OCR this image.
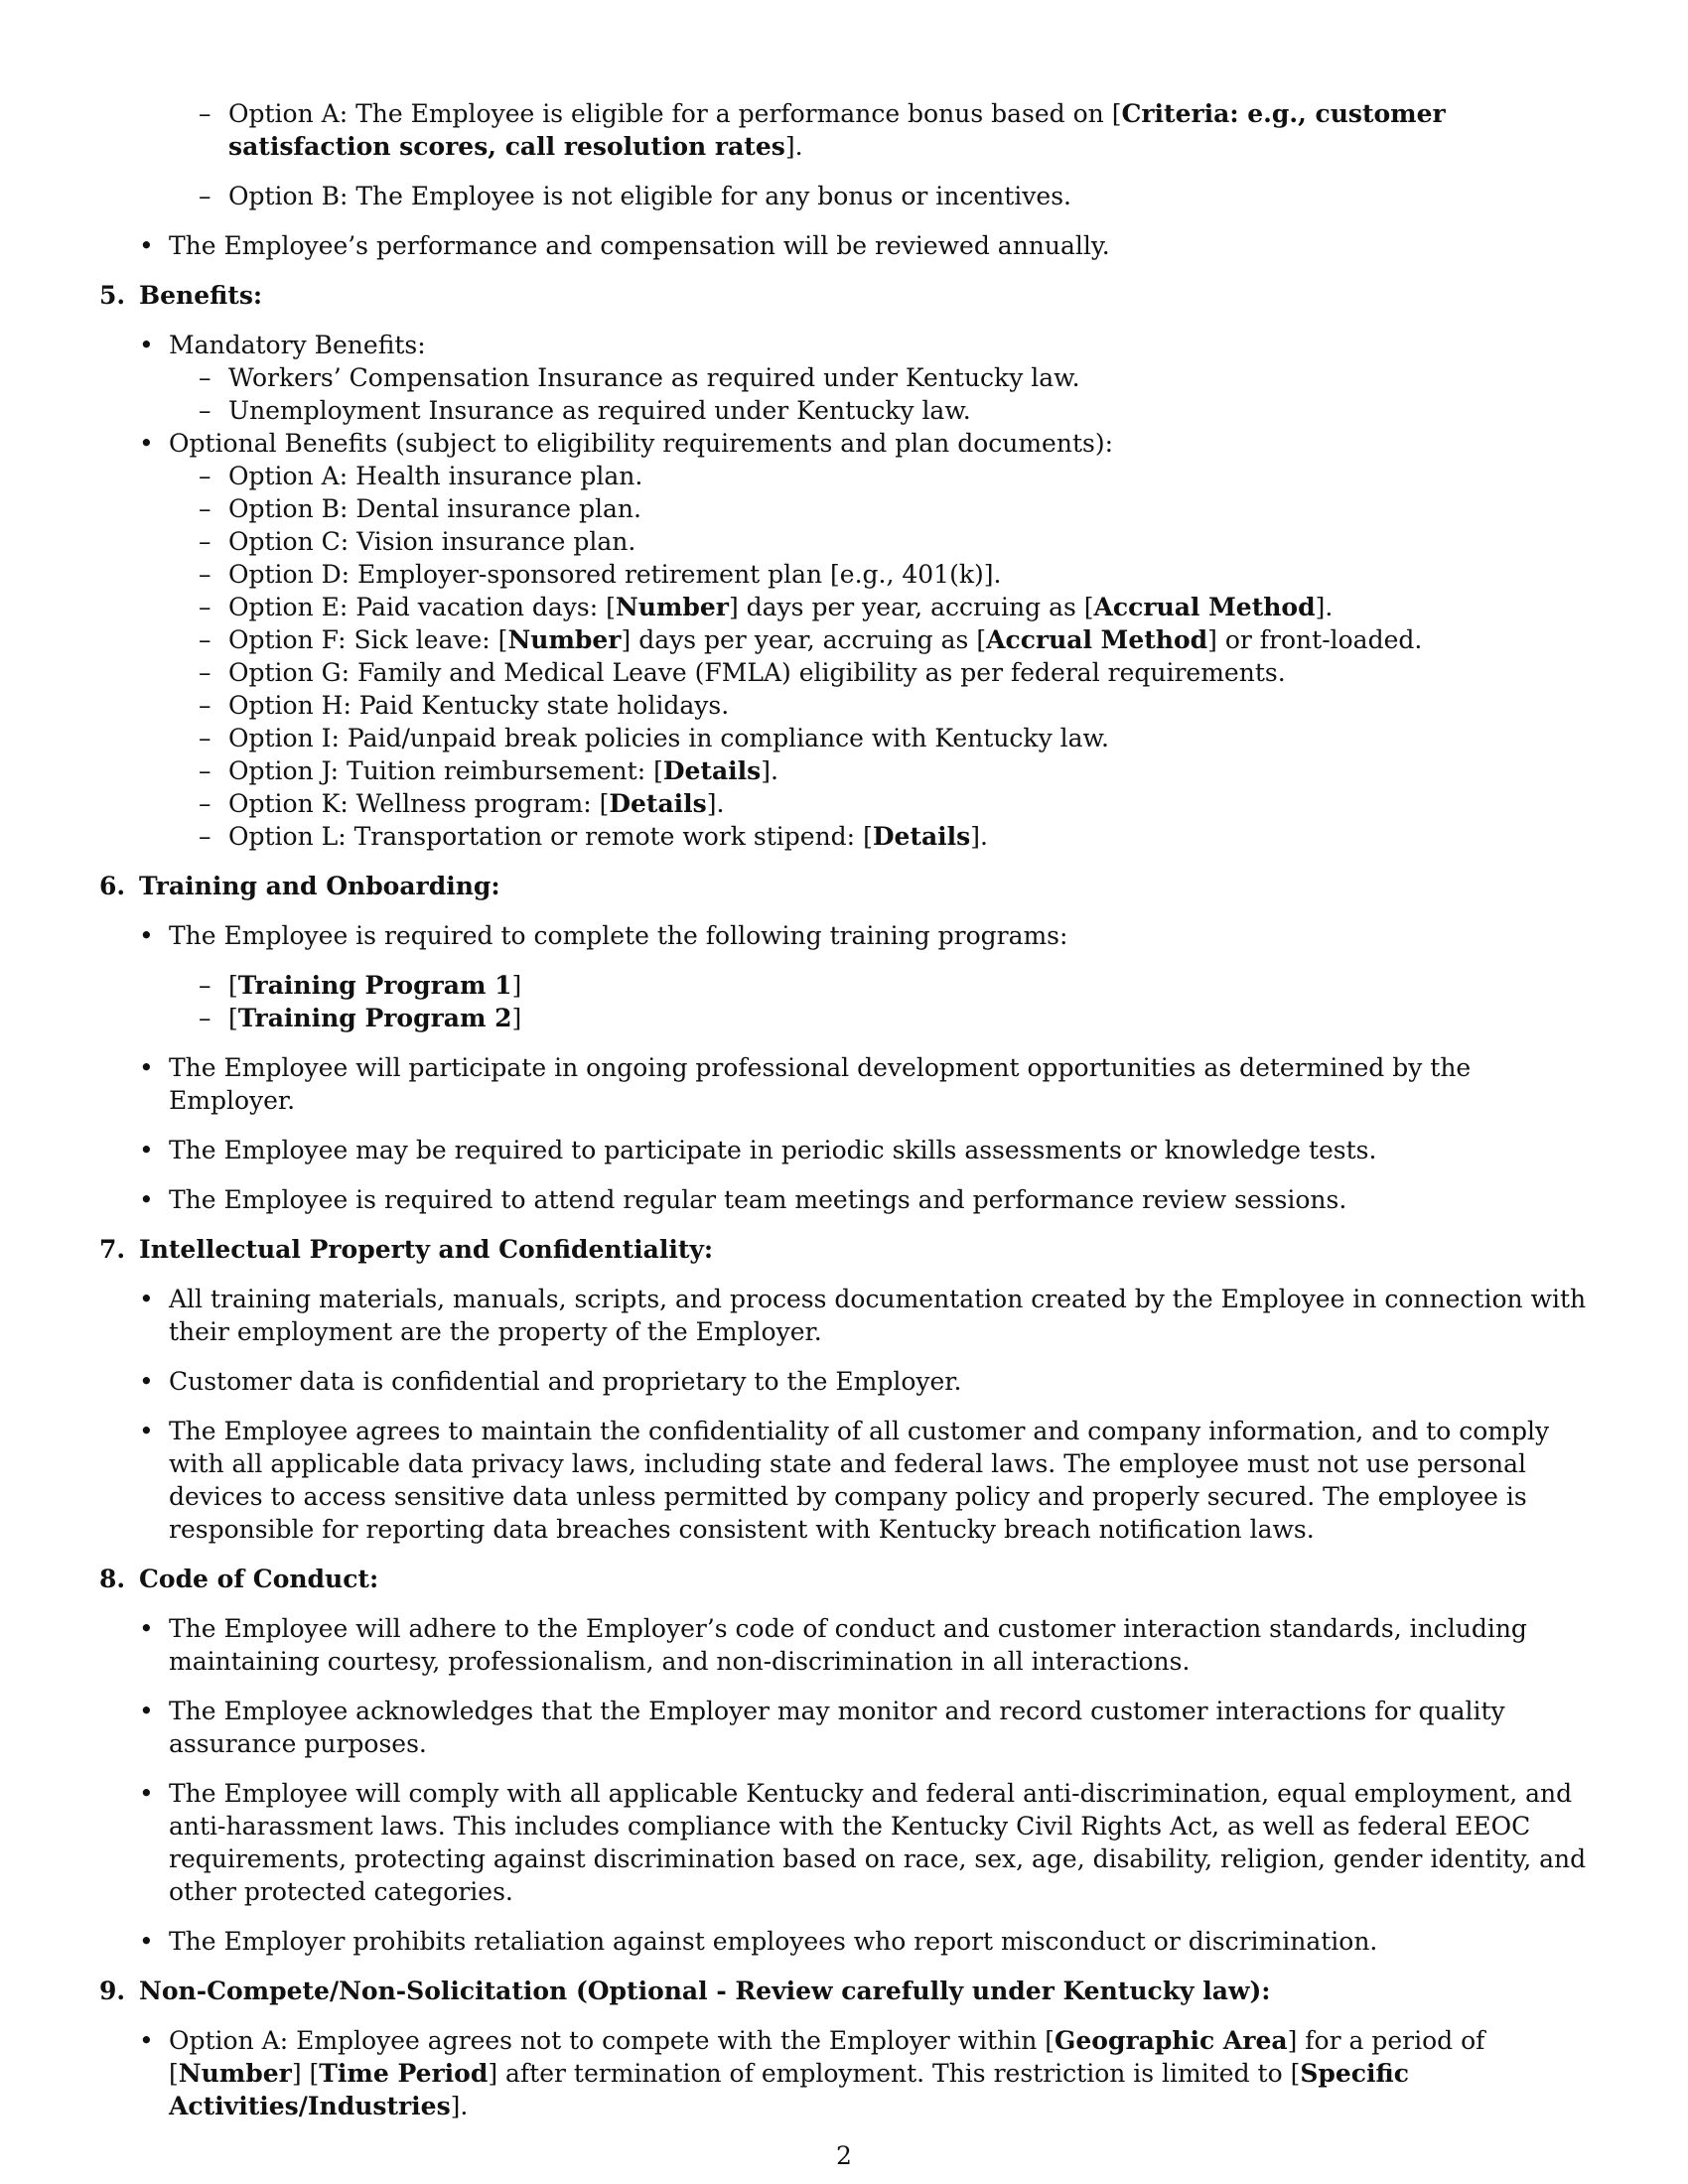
– Option A: The Employee is eligible for a performance bonus based on [Criteria: e.g., customer satisfaction scores, call resolution rates].

– Option B: The Employee is not eligible for any bonus or incentives.

• The Employee’s performance and compensation will be reviewed annually.

5. Benefits:

• Mandatory Benefits:

– Workers’ Compensation Insurance as required under Kentucky law.

– Unemployment Insurance as required under Kentucky law.

• Optional Benefits (subject to eligibility requirements and plan documents):

– Option A: Health insurance plan.

– Option B: Dental insurance plan.

– Option C: Vision insurance plan.

– Option D: Employer-sponsored retirement plan [e.g., 401(k)].

– Option E: Paid vacation days: [Number] days per year, accruing as [Accrual Method].

– Option F: Sick leave: [Number] days per year, accruing as [Accrual Method] or front-loaded.

– Option G: Family and Medical Leave (FMLA) eligibility as per federal requirements.

– Option H: Paid Kentucky state holidays.

– Option I: Paid/unpaid break policies in compliance with Kentucky law.

– Option J: Tuition reimbursement: [Details].

– Option K: Wellness program: [Details].

– Option L: Transportation or remote work stipend: [Details].

6. Training and Onboarding:

• The Employee is required to complete the following training programs:

– [Training Program 1]

– [Training Program 2]

• The Employee will participate in ongoing professional development opportunities as determined by the Employer.

• The Employee may be required to participate in periodic skills assessments or knowledge tests.

• The Employee is required to attend regular team meetings and performance review sessions.

7. Intellectual Property and Confidentiality:

• All training materials, manuals, scripts, and process documentation created by the Employee in connection with their employment are the property of the Employer.

• Customer data is confidential and proprietary to the Employer.

• The Employee agrees to maintain the confidentiality of all customer and company information, and to comply with all applicable data privacy laws, including state and federal laws. The employee must not use personal devices to access sensitive data unless permitted by company policy and properly secured. The employee is responsible for reporting data breaches consistent with Kentucky breach notification laws.

8. Code of Conduct:

• The Employee will adhere to the Employer’s code of conduct and customer interaction standards, including maintaining courtesy, professionalism, and non-discrimination in all interactions.

• The Employee acknowledges that the Employer may monitor and record customer interactions for quality assurance purposes.

• The Employee will comply with all applicable Kentucky and federal anti-discrimination, equal employment, and anti-harassment laws. This includes compliance with the Kentucky Civil Rights Act, as well as federal EEOC requirements, protecting against discrimination based on race, sex, age, disability, religion, gender identity, and other protected categories.

• The Employer prohibits retaliation against employees who report misconduct or discrimination.

9. Non-Compete/Non-Solicitation (Optional - Review carefully under Kentucky law):

• Option A: Employee agrees not to compete with the Employer within [Geographic Area] for a period of [Number] [Time Period] after termination of employment. This restriction is limited to [Specific Activities/Industries].

2
